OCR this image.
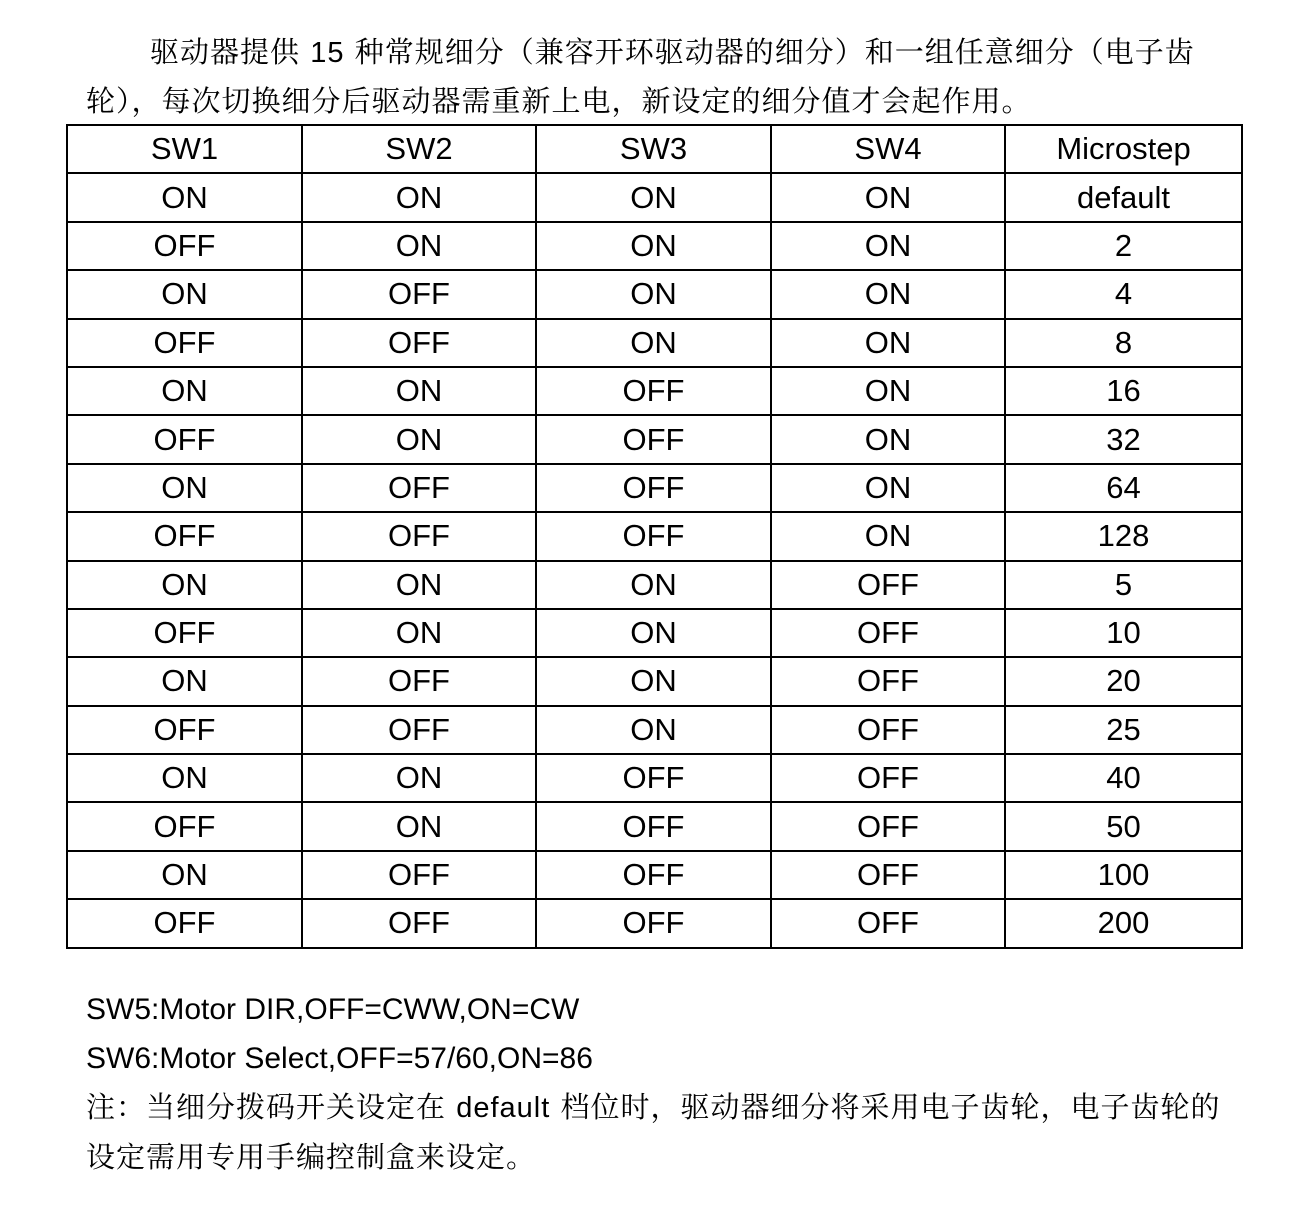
驱动器提供 15 种常规细分（兼容开环驱动器的细分）和一组任意细分（电子齿轮），每次切换细分后驱动器需重新上电，新设定的细分值才会起作用。

SW1	SW2	SW3	SW4	Microstep
ON	ON	ON	ON	default
OFF	ON	ON	ON	2
ON	OFF	ON	ON	4
OFF	OFF	ON	ON	8
ON	ON	OFF	ON	16
OFF	ON	OFF	ON	32
ON	OFF	OFF	ON	64
OFF	OFF	OFF	ON	128
ON	ON	ON	OFF	5
OFF	ON	ON	OFF	10
ON	OFF	ON	OFF	20
OFF	OFF	ON	OFF	25
ON	ON	OFF	OFF	40
OFF	ON	OFF	OFF	50
ON	OFF	OFF	OFF	100
OFF	OFF	OFF	OFF	200

SW5:Motor DIR,OFF=CWW,ON=CW

SW6:Motor Select,OFF=57/60,ON=86

注：当细分拨码开关设定在 default 档位时，驱动器细分将采用电子齿轮，电子齿轮的设定需用专用手编控制盒来设定。
